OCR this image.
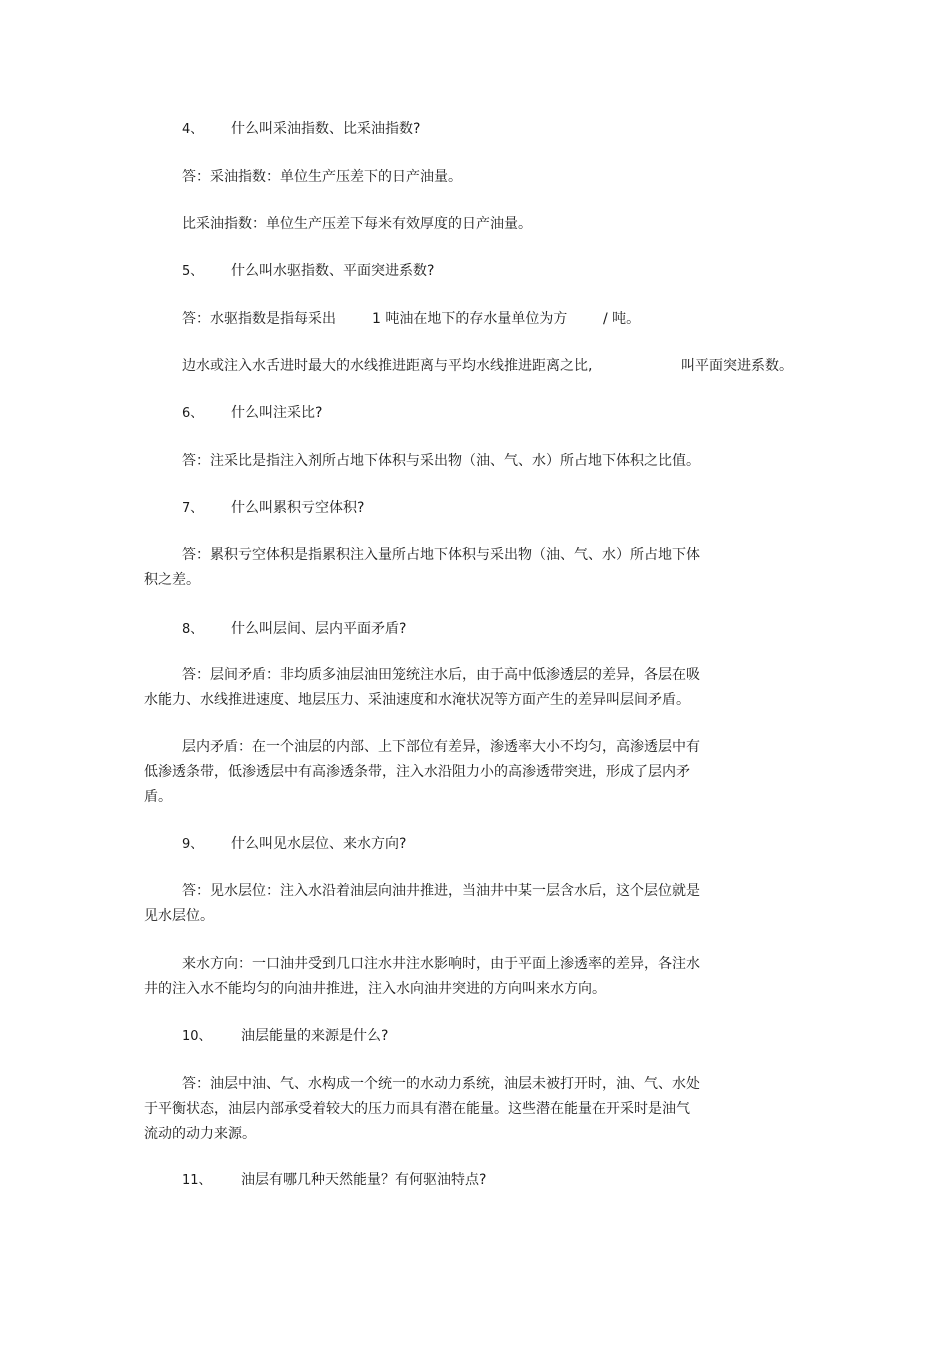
4、 什么叫采油指数、比采油指数?
答：采油指数：单位生产压差下的日产油量。
比采油指数：单位生产压差下每米有效厚度的日产油量。
5、 什么叫水驱指数、平面突进系数?
答：水驱指数是指每采出	1 吨油在地下的存水量单位为方	/ 吨。
边水或注入水舌进时最大的水线推进距离与平均水线推进距离之比,	叫平面突进系数。
6、 什么叫注采比?
答：注采比是指注入剂所占地下体积与采出物（油、气、水）所占地下体积之比值。
7、 什么叫累积亏空体积?
答：累积亏空体积是指累积注入量所占地下体积与采出物（油、气、水）所占地下体
积之差。
8、 什么叫层间、层内平面矛盾?
答：层间矛盾：非均质多油层油田笼统注水后，由于高中低渗透层的差异，各层在吸
水能力、水线推进速度、地层压力、采油速度和水淹状况等方面产生的差异叫层间矛盾。
层内矛盾：在一个油层的内部、上下部位有差异，渗透率大小不均匀，高渗透层中有
低渗透条带，低渗透层中有高渗透条带，注入水沿阻力小的高渗透带突进，形成了层内矛
盾。
9、 什么叫见水层位、来水方向?
答：见水层位：注入水沿着油层向油井推进，当油井中某一层含水后，这个层位就是
见水层位。
来水方向：一口油井受到几口注水井注水影响时，由于平面上渗透率的差异，各注水
井的注入水不能均匀的向油井推进，注入水向油井突进的方向叫来水方向。
10、 油层能量的来源是什么?
答：油层中油、气、水构成一个统一的水动力系统，油层未被打开时，油、气、水处
于平衡状态，油层内部承受着较大的压力而具有潜在能量。这些潜在能量在开采时是油气
流动的动力来源。
11、 油层有哪几种天然能量？有何驱油特点?
